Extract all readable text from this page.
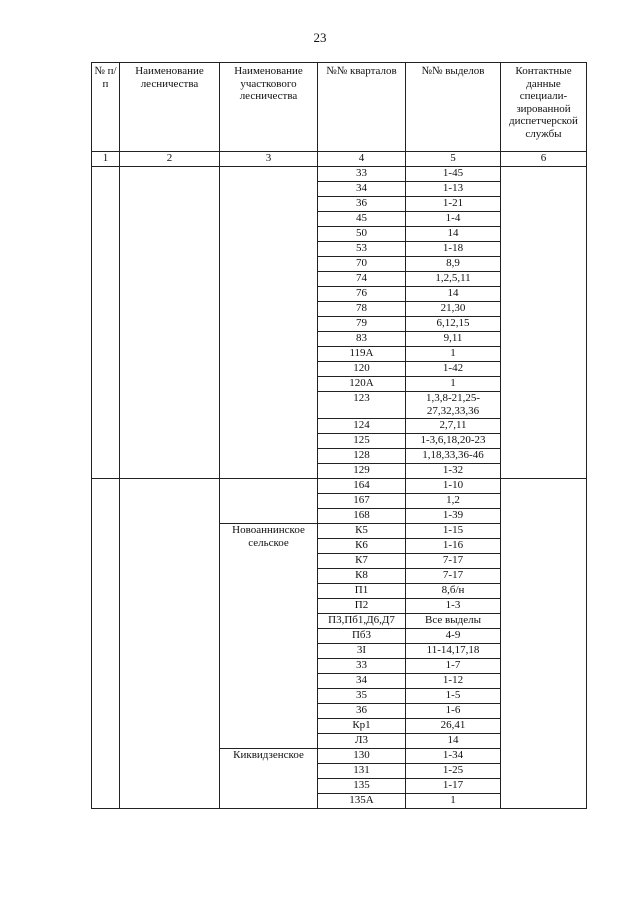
23
№ п/п	Наименование лесничества	Наименование участкового лесничества	№№ кварталов	№№ выделов	Контактные данные специали-зированной диспетчерской службы
1	2	3	4	5	6
			33	1-45	
			34	1-13	
			36	1-21	
			45	1-4	
			50	14	
			53	1-18	
			70	8,9	
			74	1,2,5,11	
			76	14	
			78	21,30	
			79	6,12,15	
			83	9,11	
			119А	1	
			120	1-42	
			120А	1	
			123	1,3,8-21,25-27,32,33,36	
			124	2,7,11	
			125	1-3,6,18,20-23	
			128	1,18,33,36-46	
			129	1-32	
			164	1-10	
			167	1,2	
			168	1-39	
		Новоаннинское сельское	К5	1-15	
			К6	1-16	
			К7	7-17	
			К8	7-17	
			П1	8,б/н	
			П2	1-3	
			П3,Пб1,Д6,Д7	Все выделы	
			Пб3	4-9	
			3I	11-14,17,18	
			33	1-7	
			34	1-12	
			35	1-5	
			36	1-6	
			Кр1	26,41	
			Л3	14	
		Киквидзенское	130	1-34	
			131	1-25	
			135	1-17	
			135А	1	
